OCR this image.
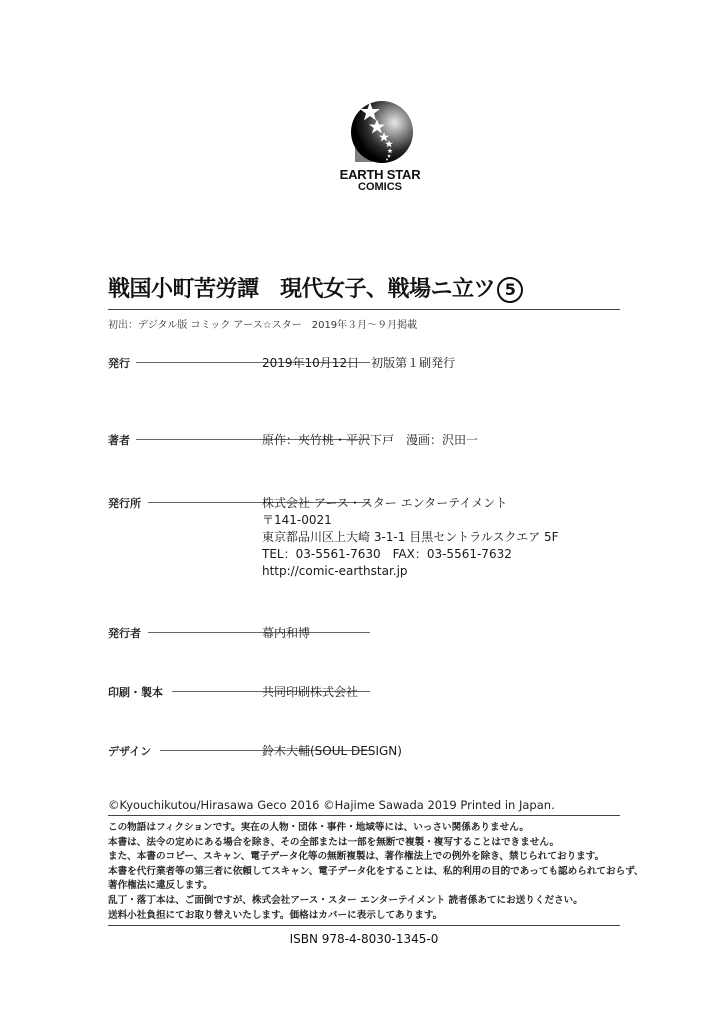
EARTH STAR
COMICS
戦国小町苦労譚　現代女子、戦場ニ立ツ 5
初出：デジタル版 コミック アース☆スター　2019年３月～９月掲載
発行	2019年10月12日　初版第１刷発行
著者	原作：夾竹桃・平沢下戸　漫画：沢田一
発行所	株式会社 アース・スター エンターテイメント
〒141-0021
東京都品川区上大崎 3-1-1 目黒セントラルスクエア 5F
TEL：03-5561-7630　FAX：03-5561-7632
http://comic-earthstar.jp
発行者	幕内和博
印刷・製本	共同印刷株式会社
デザイン	鈴木大輔(SOUL DESIGN)
©Kyouchikutou/Hirasawa Geco 2016 ©Hajime Sawada 2019 Printed in Japan.
この物語はフィクションです。実在の人物・団体・事件・地域等には、いっさい関係ありません。
本書は、法令の定めにある場合を除き、その全部または一部を無断で複製・複写することはできません。
また、本書のコピー、スキャン、電子データ化等の無断複製は、著作権法上での例外を除き、禁じられております。
本書を代行業者等の第三者に依頼してスキャン、電子データ化をすることは、私的利用の目的であっても認められておらず、
著作権法に違反します。
乱丁・落丁本は、ご面倒ですが、株式会社アース・スター エンターテイメント 読者係あてにお送りください。
送料小社負担にてお取り替えいたします。価格はカバーに表示してあります。
ISBN 978-4-8030-1345-0
